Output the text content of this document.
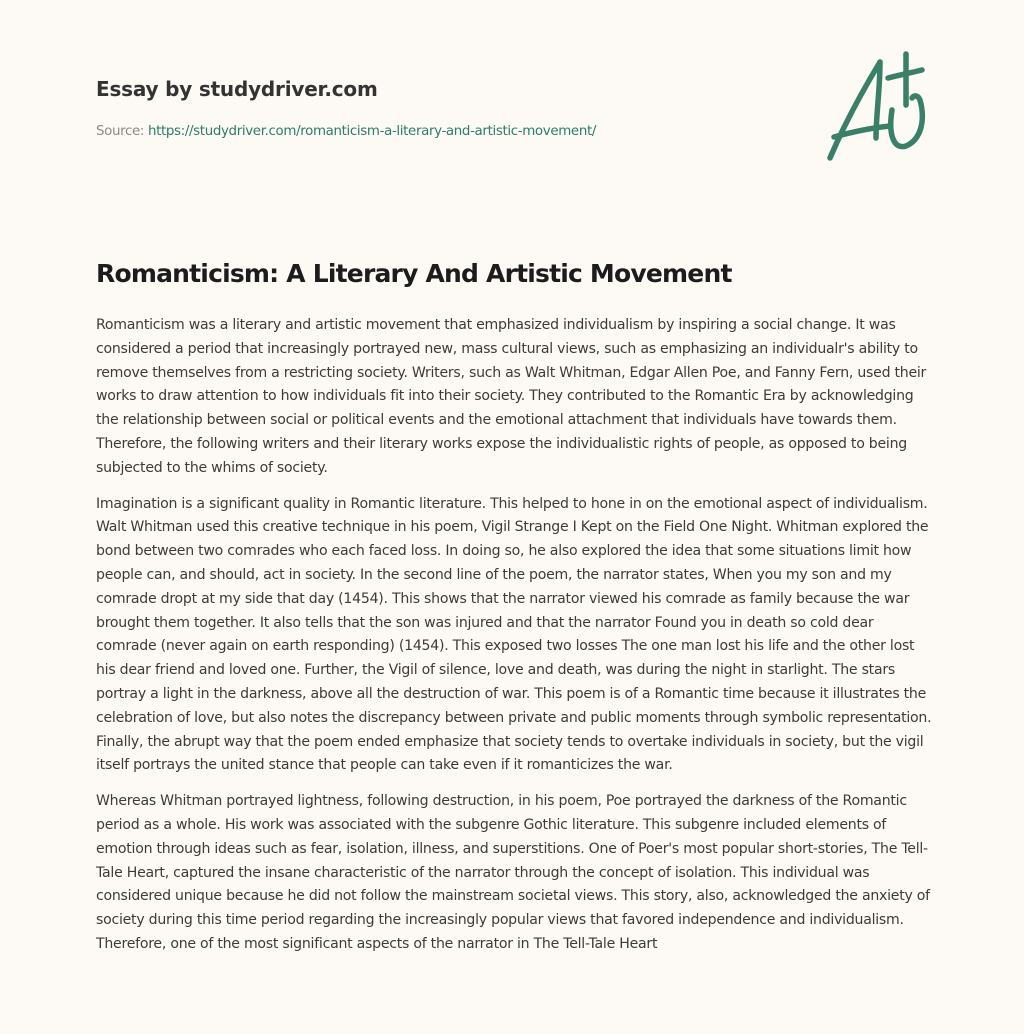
Essay by studydriver.com
Source: https://studydriver.com/romanticism-a-literary-and-artistic-movement/
Romanticism: A Literary And Artistic Movement

Romanticism was a literary and artistic movement that emphasized individualism by inspiring a social change. It was considered a period that increasingly portrayed new, mass cultural views, such as emphasizing an individualr's ability to remove themselves from a restricting society. Writers, such as Walt Whitman, Edgar Allen Poe, and Fanny Fern, used their works to draw attention to how individuals fit into their society. They contributed to the Romantic Era by acknowledging the relationship between social or political events and the emotional attachment that individuals have towards them. Therefore, the following writers and their literary works expose the individualistic rights of people, as opposed to being subjected to the whims of society.

Imagination is a significant quality in Romantic literature. This helped to hone in on the emotional aspect of individualism. Walt Whitman used this creative technique in his poem, Vigil Strange I Kept on the Field One Night. Whitman explored the bond between two comrades who each faced loss. In doing so, he also explored the idea that some situations limit how people can, and should, act in society. In the second line of the poem, the narrator states, When you my son and my comrade dropt at my side that day (1454). This shows that the narrator viewed his comrade as family because the war brought them together. It also tells that the son was injured and that the narrator Found you in death so cold dear comrade (never again on earth responding) (1454). This exposed two losses The one man lost his life and the other lost his dear friend and loved one. Further, the Vigil of silence, love and death, was during the night in starlight. The stars portray a light in the darkness, above all the destruction of war. This poem is of a Romantic time because it illustrates the celebration of love, but also notes the discrepancy between private and public moments through symbolic representation. Finally, the abrupt way that the poem ended emphasize that society tends to overtake individuals in society, but the vigil itself portrays the united stance that people can take even if it romanticizes the war.

Whereas Whitman portrayed lightness, following destruction, in his poem, Poe portrayed the darkness of the Romantic period as a whole. His work was associated with the subgenre Gothic literature. This subgenre included elements of emotion through ideas such as fear, isolation, illness, and superstitions. One of Poer's most popular short-stories, The Tell-Tale Heart, captured the insane characteristic of the narrator through the concept of isolation. This individual was considered unique because he did not follow the mainstream societal views. This story, also, acknowledged the anxiety of society during this time period regarding the increasingly popular views that favored independence and individualism. Therefore, one of the most significant aspects of the narrator in The Tell-Tale Heart
